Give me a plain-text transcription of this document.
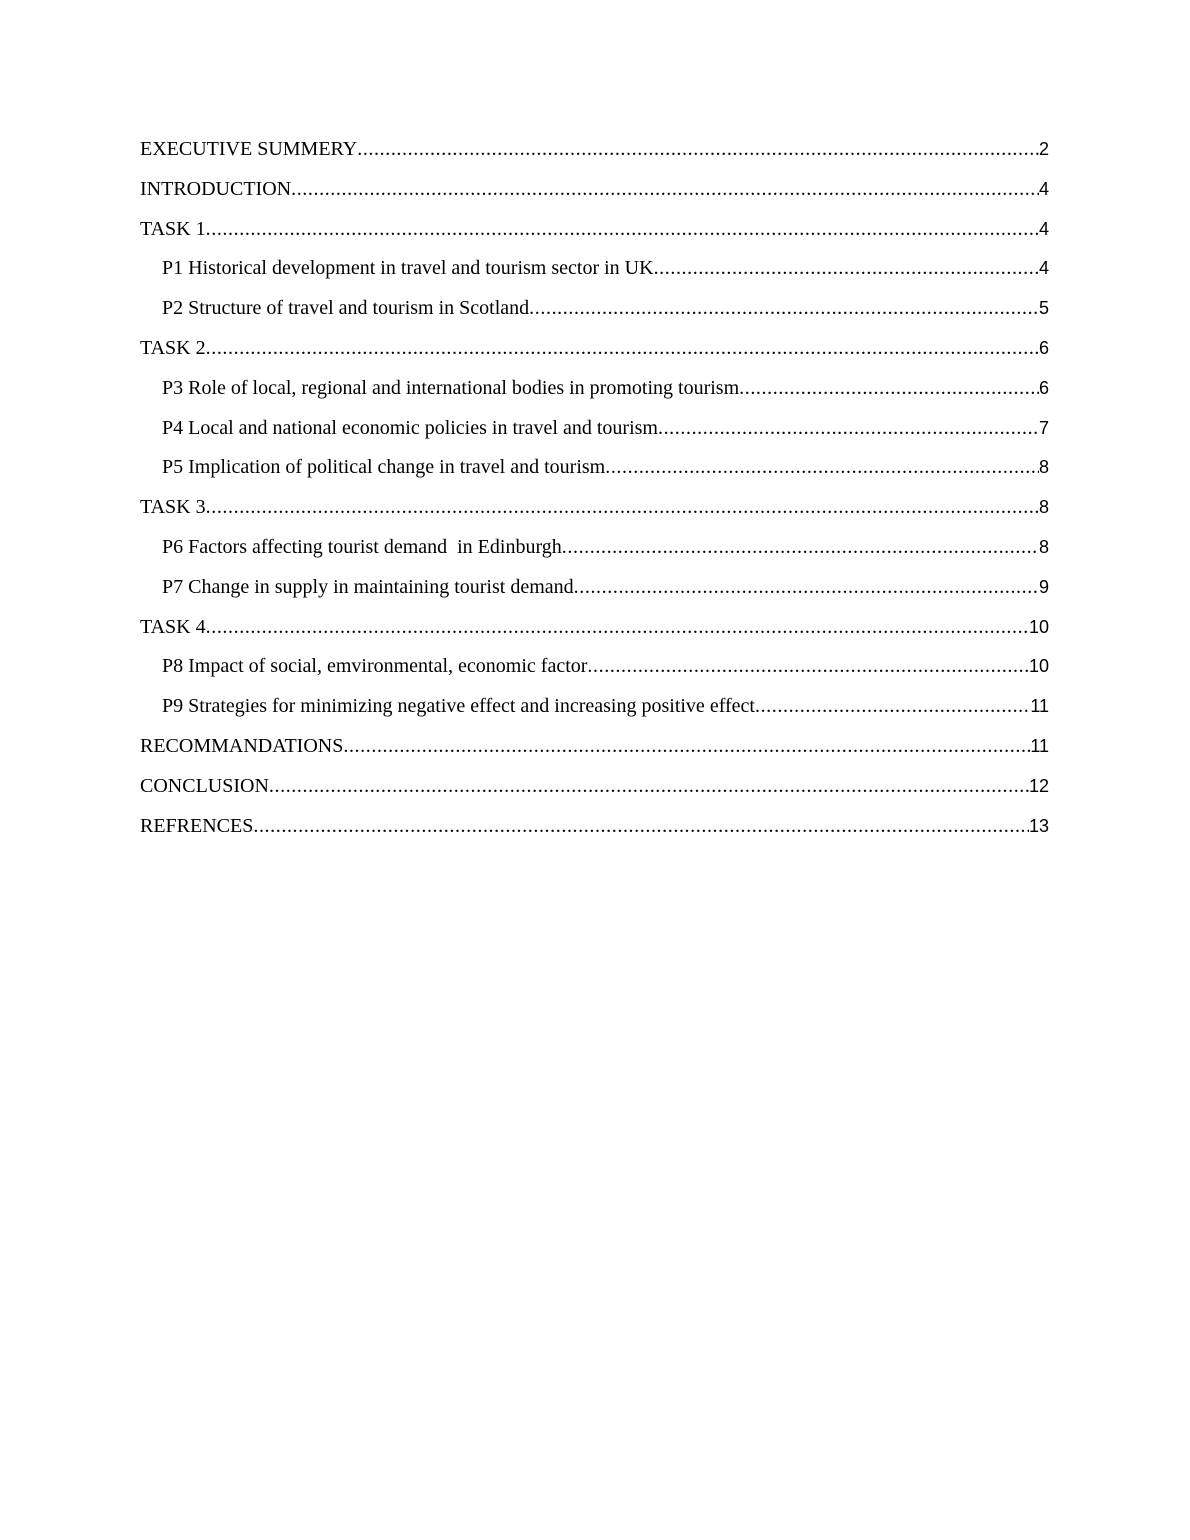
EXECUTIVE SUMMERY .....	2
INTRODUCTION .....	4
TASK 1 .....	4
P1 Historical development in travel and tourism sector in UK .....	4
P2 Structure of travel and tourism in Scotland .....	5
TASK 2 .....	6
P3 Role of local, regional and international bodies in promoting tourism .....	6
P4 Local and national economic policies in travel and tourism .....	7
P5 Implication of political change in travel and tourism .....	8
TASK 3 .....	8
P6 Factors affecting tourist demand  in Edinburgh .....	8
P7 Change in supply in maintaining tourist demand .....	9
TASK 4 .....	10
P8 Impact of social, emvironmental, economic factor .....	10
P9 Strategies for minimizing negative effect and increasing positive effect .....	11
RECOMMANDATIONS .....	11
CONCLUSION .....	12
REFRENCES .....	13
